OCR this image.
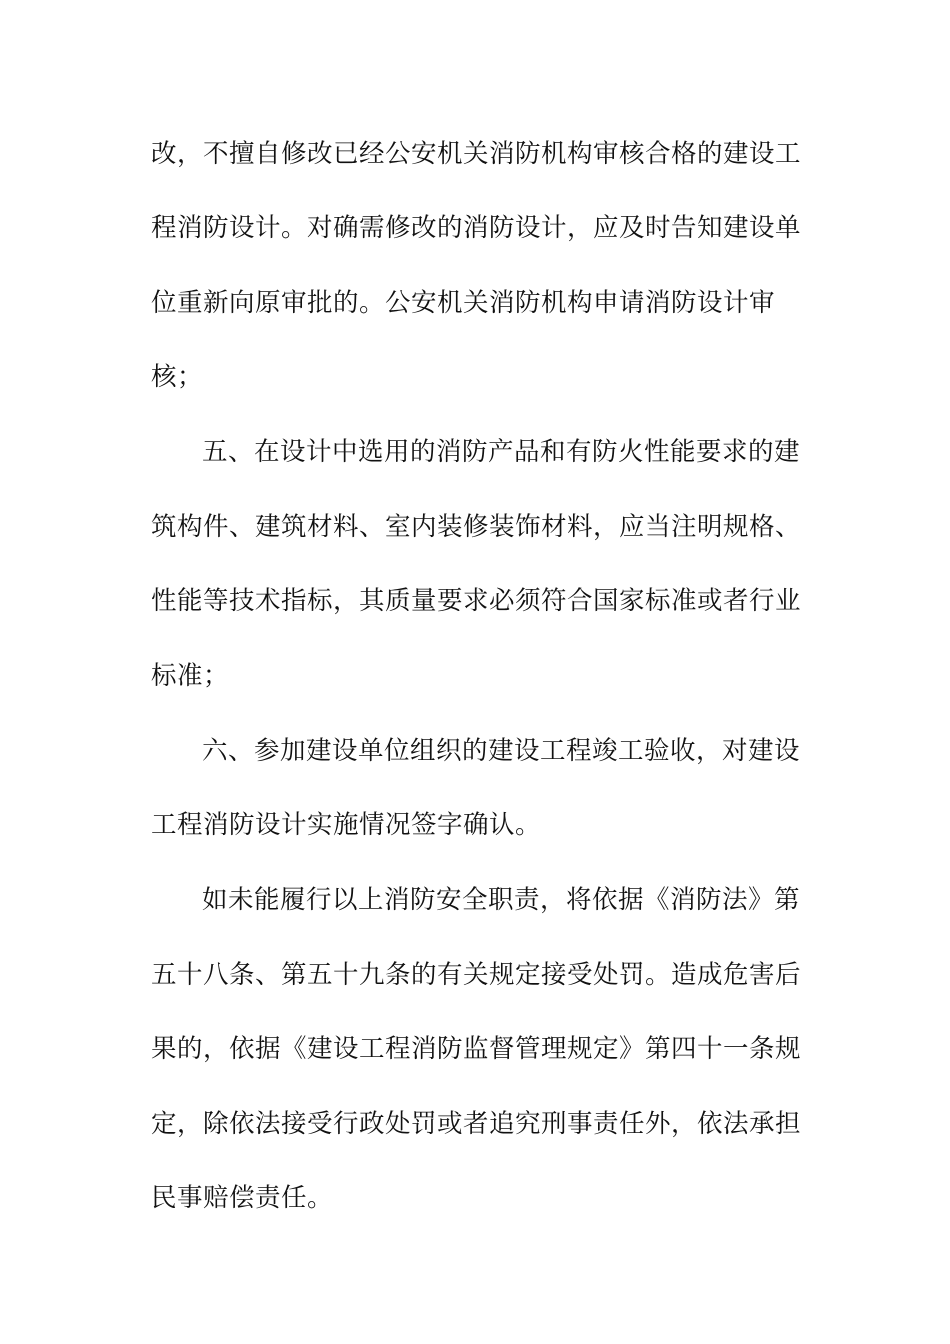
改，不擅自修改已经公安机关消防机构审核合格的建设工
程消防设计。对确需修改的消防设计，应及时告知建设单
位重新向原审批的。公安机关消防机构申请消防设计审
核；
五、在设计中选用的消防产品和有防火性能要求的建
筑构件、建筑材料、室内装修装饰材料，应当注明规格、
性能等技术指标，其质量要求必须符合国家标准或者行业
标准；
六、参加建设单位组织的建设工程竣工验收，对建设
工程消防设计实施情况签字确认。
如未能履行以上消防安全职责，将依据《消防法》第
五十八条、第五十九条的有关规定接受处罚。造成危害后
果的，依据《建设工程消防监督管理规定》第四十一条规
定，除依法接受行政处罚或者追究刑事责任外，依法承担
民事赔偿责任。
